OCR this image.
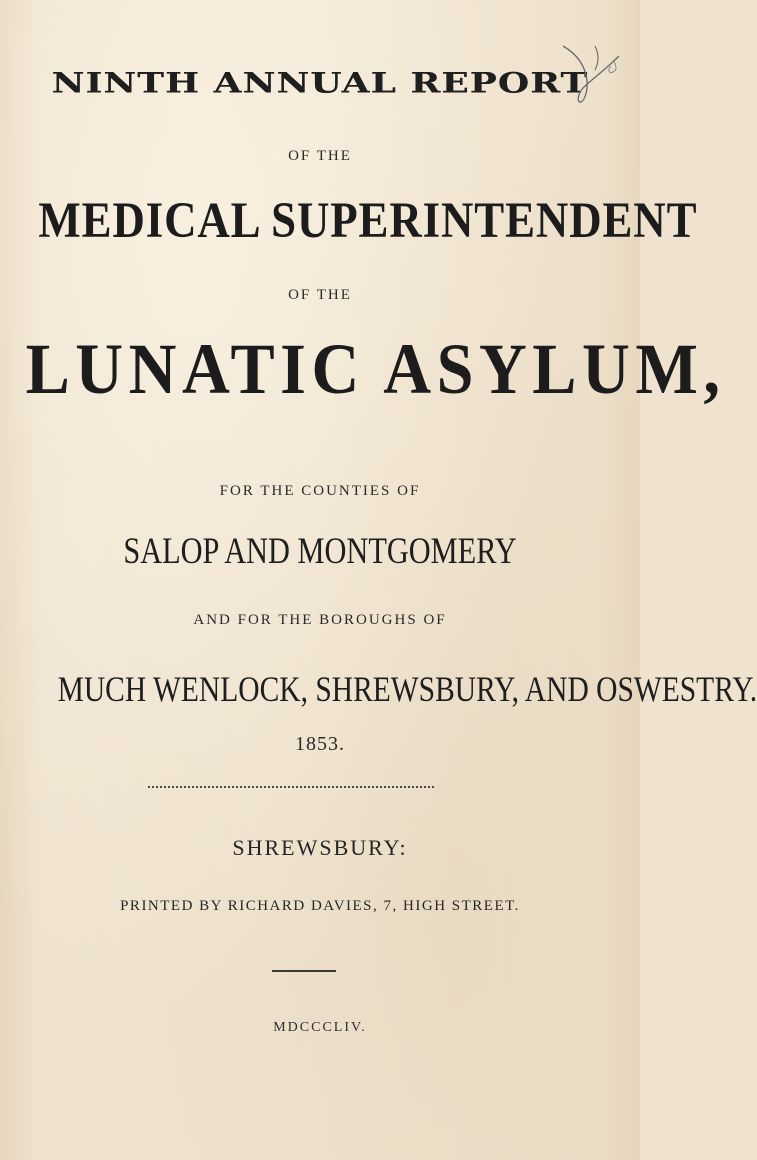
NINTH ANNUAL REPORT

OF THE

MEDICAL SUPERINTENDENT

OF THE

LUNATIC ASYLUM,

FOR THE COUNTIES OF

SALOP AND MONTGOMERY

AND FOR THE BOROUGHS OF

MUCH WENLOCK, SHREWSBURY, AND OSWESTRY.

1853.

SHREWSBURY:

PRINTED BY RICHARD DAVIES, 7, HIGH STREET.

MDCCCLIV.
